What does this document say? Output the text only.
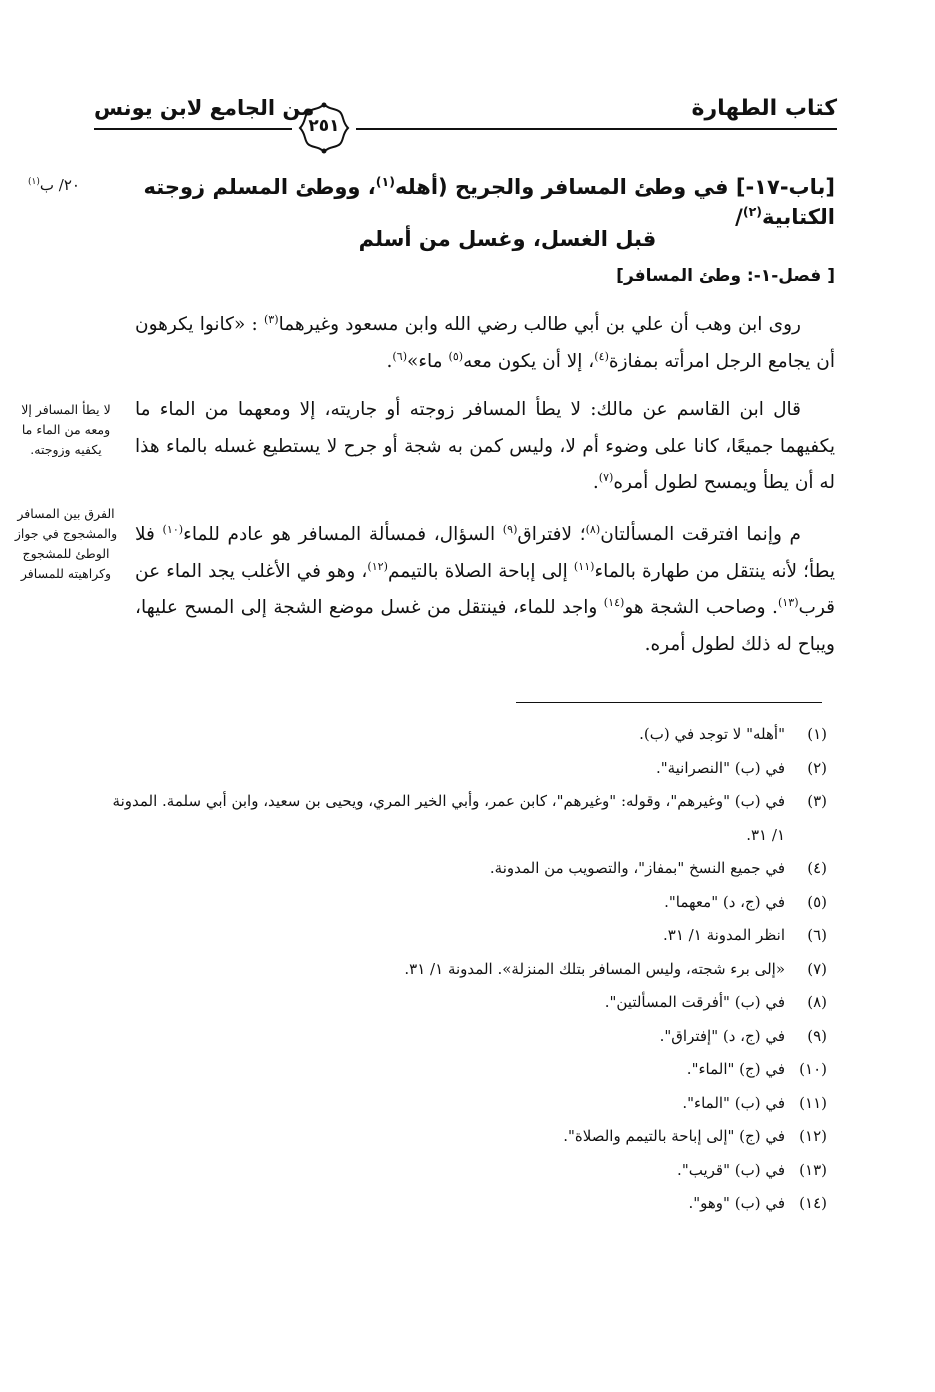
كتاب الطهارة
من الجامع لابن يونس
٢٥١
٢٠/ ب$^{(١)}$	[باب-١٧-] في وطئ المسافر والجريح (أهله$^{(١)}$، ووطئ المسلم زوجته الكتابية$^{(٢)}$/
قبل الغسل، وغسل من أسلم
[ فصل-١-: وطئ المسافر]

روى ابن وهب أن علي بن أبي طالب رضي الله وابن مسعود وغيرهما$^{(٣)}$ : «كانوا يكرهون أن يجامع الرجل امرأته بمفازة$^{(٤)}$، إلا أن يكون معه$^{(٥)}$ ماء»$^{(٦)}$.

قال ابن القاسم عن مالك: لا يطأ المسافر زوجته أو جاريته، إلا ومعهما من الماء ما يكفيهما جميعًا، كانا على وضوء أم لا، وليس كمن به شجة أو جرح لا يستطيع غسله بالماء هذا له أن يطأ ويمسح لطول أمره$^{(٧)}$.

م وإنما افترقت المسألتان$^{(٨)}$؛ لافتراق$^{(٩)}$ السؤال، فمسألة المسافر هو عادم للماء$^{(١٠)}$ فلا يطأ؛ لأنه ينتقل من طهارة بالماء$^{(١١)}$ إلى إباحة الصلاة بالتيمم$^{(١٢)}$، وهو في الأغلب يجد الماء عن قرب$^{(١٣)}$. وصاحب الشجة هو$^{(١٤)}$ واجد للماء، فينتقل من غسل موضع الشجة إلى المسح عليها، ويباح له ذلك لطول أمره.

لا يطأ المسافر إلا ومعه من الماء ما يكفيه وزوجته.
الفرق بين المسافر والمشجوج في جواز الوطئ للمشجوج وكراهيته للمسافر
(١)
"أهله" لا توجد في (ب).
(٢)
في (ب) "النصرانية".
(٣)
في (ب) "وغيرهم"، وقوله: "وغيرهم"، كابن عمر، وأبي الخير المري، ويحيى بن سعيد، وابن أبي سلمة. المدونة ١/ ٣١.
(٤)
في جميع النسخ "بمفاز"، والتصويب من المدونة.
(٥)
في (ج، د) "معهما".
(٦)
انظر المدونة ١/ ٣١.
(٧)
«إلى برء شجته، وليس المسافر بتلك المنزلة». المدونة ١/ ٣١.
(٨)
في (ب) "أفرقت المسألتين".
(٩)
في (ج، د) "إفتراق".
(١٠)
في (ج) "الماء".
(١١)
في (ب) "الماء".
(١٢)
في (ج) "إلى إباحة بالتيمم والصلاة".
(١٣)
في (ب) "قريب".
(١٤)
في (ب) "وهو".
